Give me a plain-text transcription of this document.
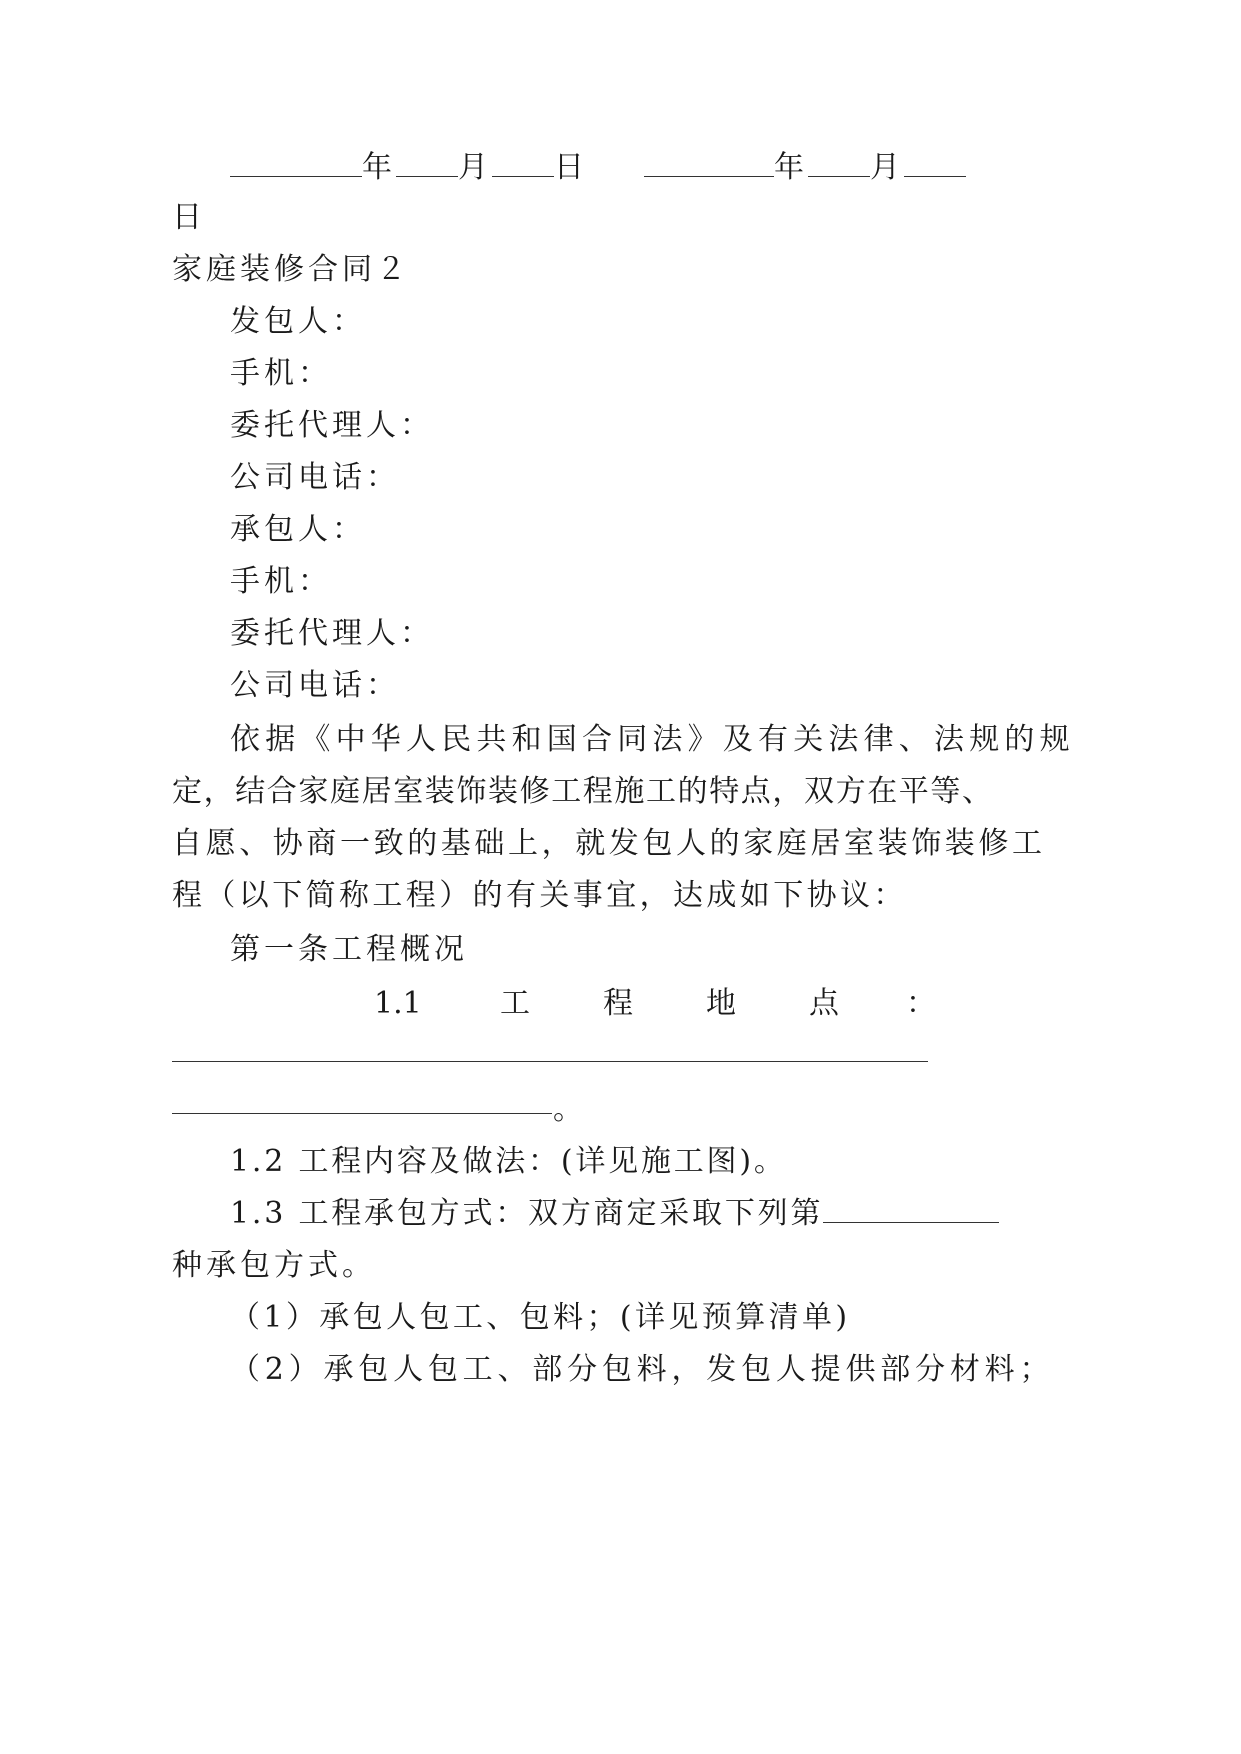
年 月 日	年 月
日
家庭装修合同２
发包人：
手机：
委托代理人：
公司电话：
承包人：
手机：
委托代理人：
公司电话：
依据《中华人民共和国合同法》及有关法律、法规的规
定，结合家庭居室装饰装修工程施工的特点，双方在平等、
自愿、协商一致的基础上，就发包人的家庭居室装饰装修工
程（以下简称工程）的有关事宜，达成如下协议：
第一条工程概况
1.1	工 程 地 点 ：
。
1.2 工程内容及做法：(详见施工图)。
1.3 工程承包方式：双方商定采取下列第
种承包方式。
（1）承包人包工、包料；(详见预算清单)
（2）承包人包工、部分包料，发包人提供部分材料；
